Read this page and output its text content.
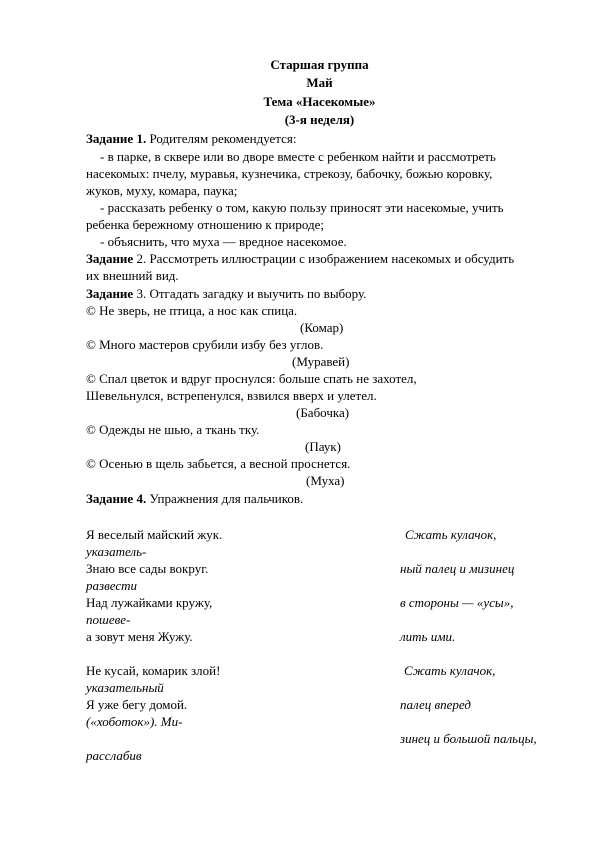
Старшая группа
Май
Тема «Насекомые»
(3-я неделя)
Задание 1. Родителям рекомендуется:
- в парке, в сквере или во дворе вместе с ребенком найти и рассмотреть
насекомых: пчелу, муравья, кузнечика, стрекозу, бабочку, божью коровку,
жуков, муху, комара, паука;
- рассказать ребенку о том, какую пользу приносят эти насекомые, учить
ребенка бережному отношению к природе;
- объяснить, что муха — вредное насекомое.
Задание 2. Рассмотреть иллюстрации с изображением насекомых и обсудить
их внешний вид.
Задание 3. Отгадать загадку и выучить по выбору.
© Не зверь, не птица, а нос как спица.
(Комар)
© Много мастеров срубили избу без углов.
(Муравей)
© Спал цветок и вдруг проснулся: больше спать не захотел,
Шевельнулся, встрепенулся, взвился вверх и улетел.
(Бабочка)
© Одежды не шью, а ткань тку.
(Паук)
© Осенью в щель забьется, а весной проснется.
(Муха)
Задание 4. Упражнения для пальчиков.
Я веселый майский жук.
указатель-
Знаю все сады вокруг.
развести
Над лужайками кружу,
пошеве-
а зовут меня Жужу.
Не кусай, комарик злой!
указательный
Я уже бегу домой.
(«хоботок»). Ми-
расслабив
Сжать кулачок,
ный палец и мизинец
в стороны — «усы»,
лить ими.
Сжать кулачок,
палец вперед
зинец и большой пальцы,
